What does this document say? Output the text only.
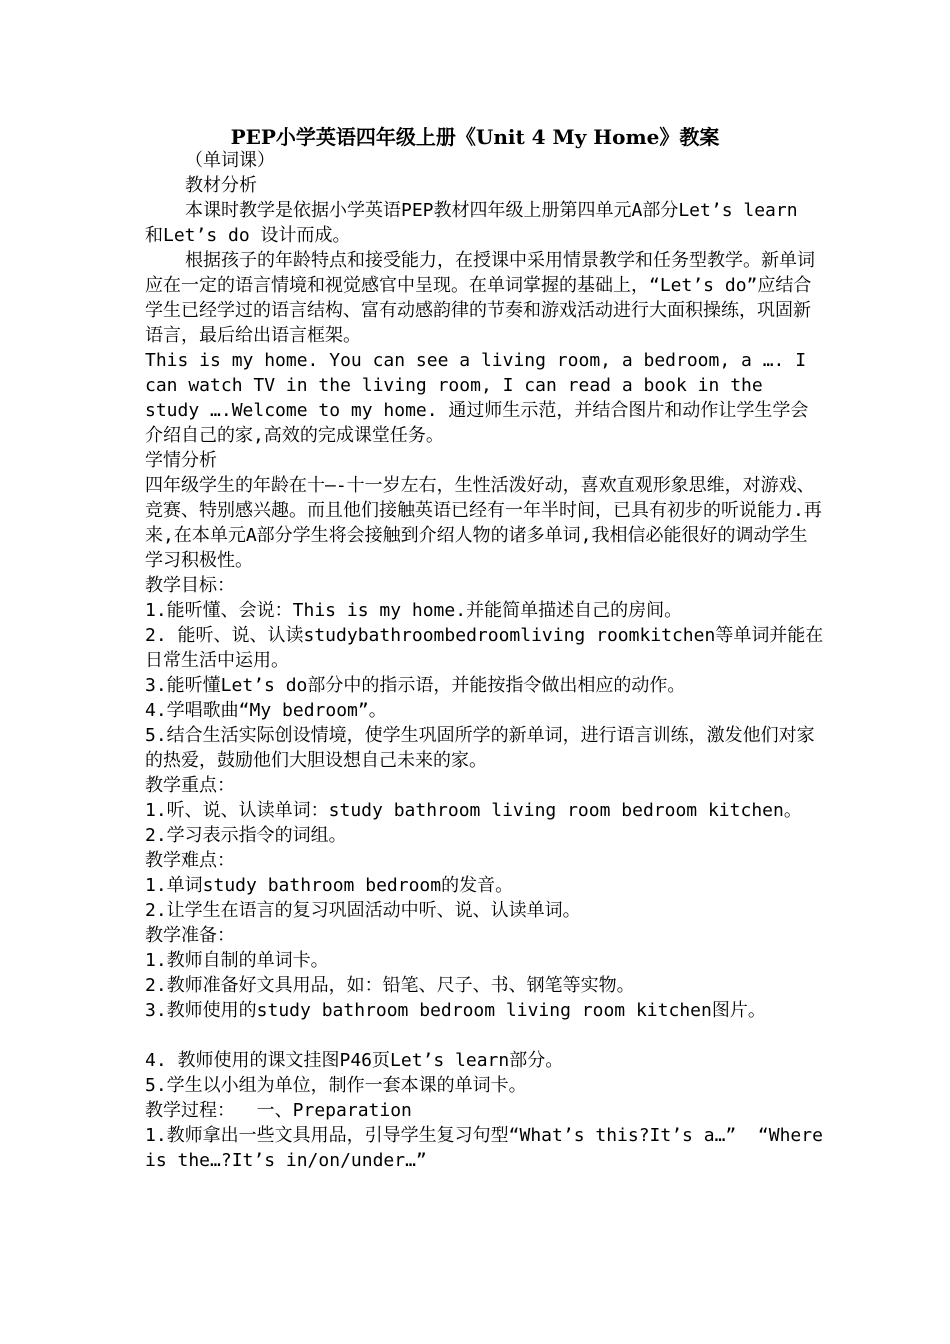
PEP小学英语四年级上册《Unit 4 My Home》教案

（单词课）

教材分析

本课时教学是依据小学英语PEP教材四年级上册第四单元A部分Let’s learn 和Let’s do 设计而成。

根据孩子的年龄特点和接受能力，在授课中采用情景教学和任务型教学。新单词应在一定的语言情境和视觉感官中呈现。在单词掌握的基础上，“Let’s do”应结合学生已经学过的语言结构、富有动感韵律的节奏和游戏活动进行大面积操练，巩固新语言，最后给出语言框架。

This is my home. You can see a living room, a bedroom, a …. I can watch TV in the living room, I can read a book in the study ….Welcome to my home. 通过师生示范，并结合图片和动作让学生学会介绍自己的家,高效的完成课堂任务。

学情分析

四年级学生的年龄在十—-十一岁左右，生性活泼好动，喜欢直观形象思维，对游戏、竞赛、特别感兴趣。而且他们接触英语已经有一年半时间，已具有初步的听说能力.再来,在本单元A部分学生将会接触到介绍人物的诸多单词,我相信必能很好的调动学生学习积极性。

教学目标：

1.能听懂、会说：This is my home.并能简单描述自己的房间。

2. 能听、说、认读studybathroombedroomliving roomkitchen等单词并能在日常生活中运用。

3.能听懂Let’s do部分中的指示语，并能按指令做出相应的动作。

4.学唱歌曲“My bedroom”。

5.结合生活实际创设情境，使学生巩固所学的新单词，进行语言训练，激发他们对家的热爱，鼓励他们大胆设想自己未来的家。

教学重点：

1.听、说、认读单词：study bathroom living room bedroom kitchen。

2.学习表示指令的词组。

教学难点：

1.单词study bathroom bedroom的发音。

2.让学生在语言的复习巩固活动中听、说、认读单词。

教学准备：

1.教师自制的单词卡。

2.教师准备好文具用品，如：铅笔、尺子、书、钢笔等实物。

3.教师使用的study bathroom bedroom living room kitchen图片。

4. 教师使用的课文挂图P46页Let’s learn部分。

5.学生以小组为单位，制作一套本课的单词卡。

教学过程：  一、Preparation

1.教师拿出一些文具用品，引导学生复习句型“What’s this?It’s a…”  “Where is the…?It’s in/on/under…”
